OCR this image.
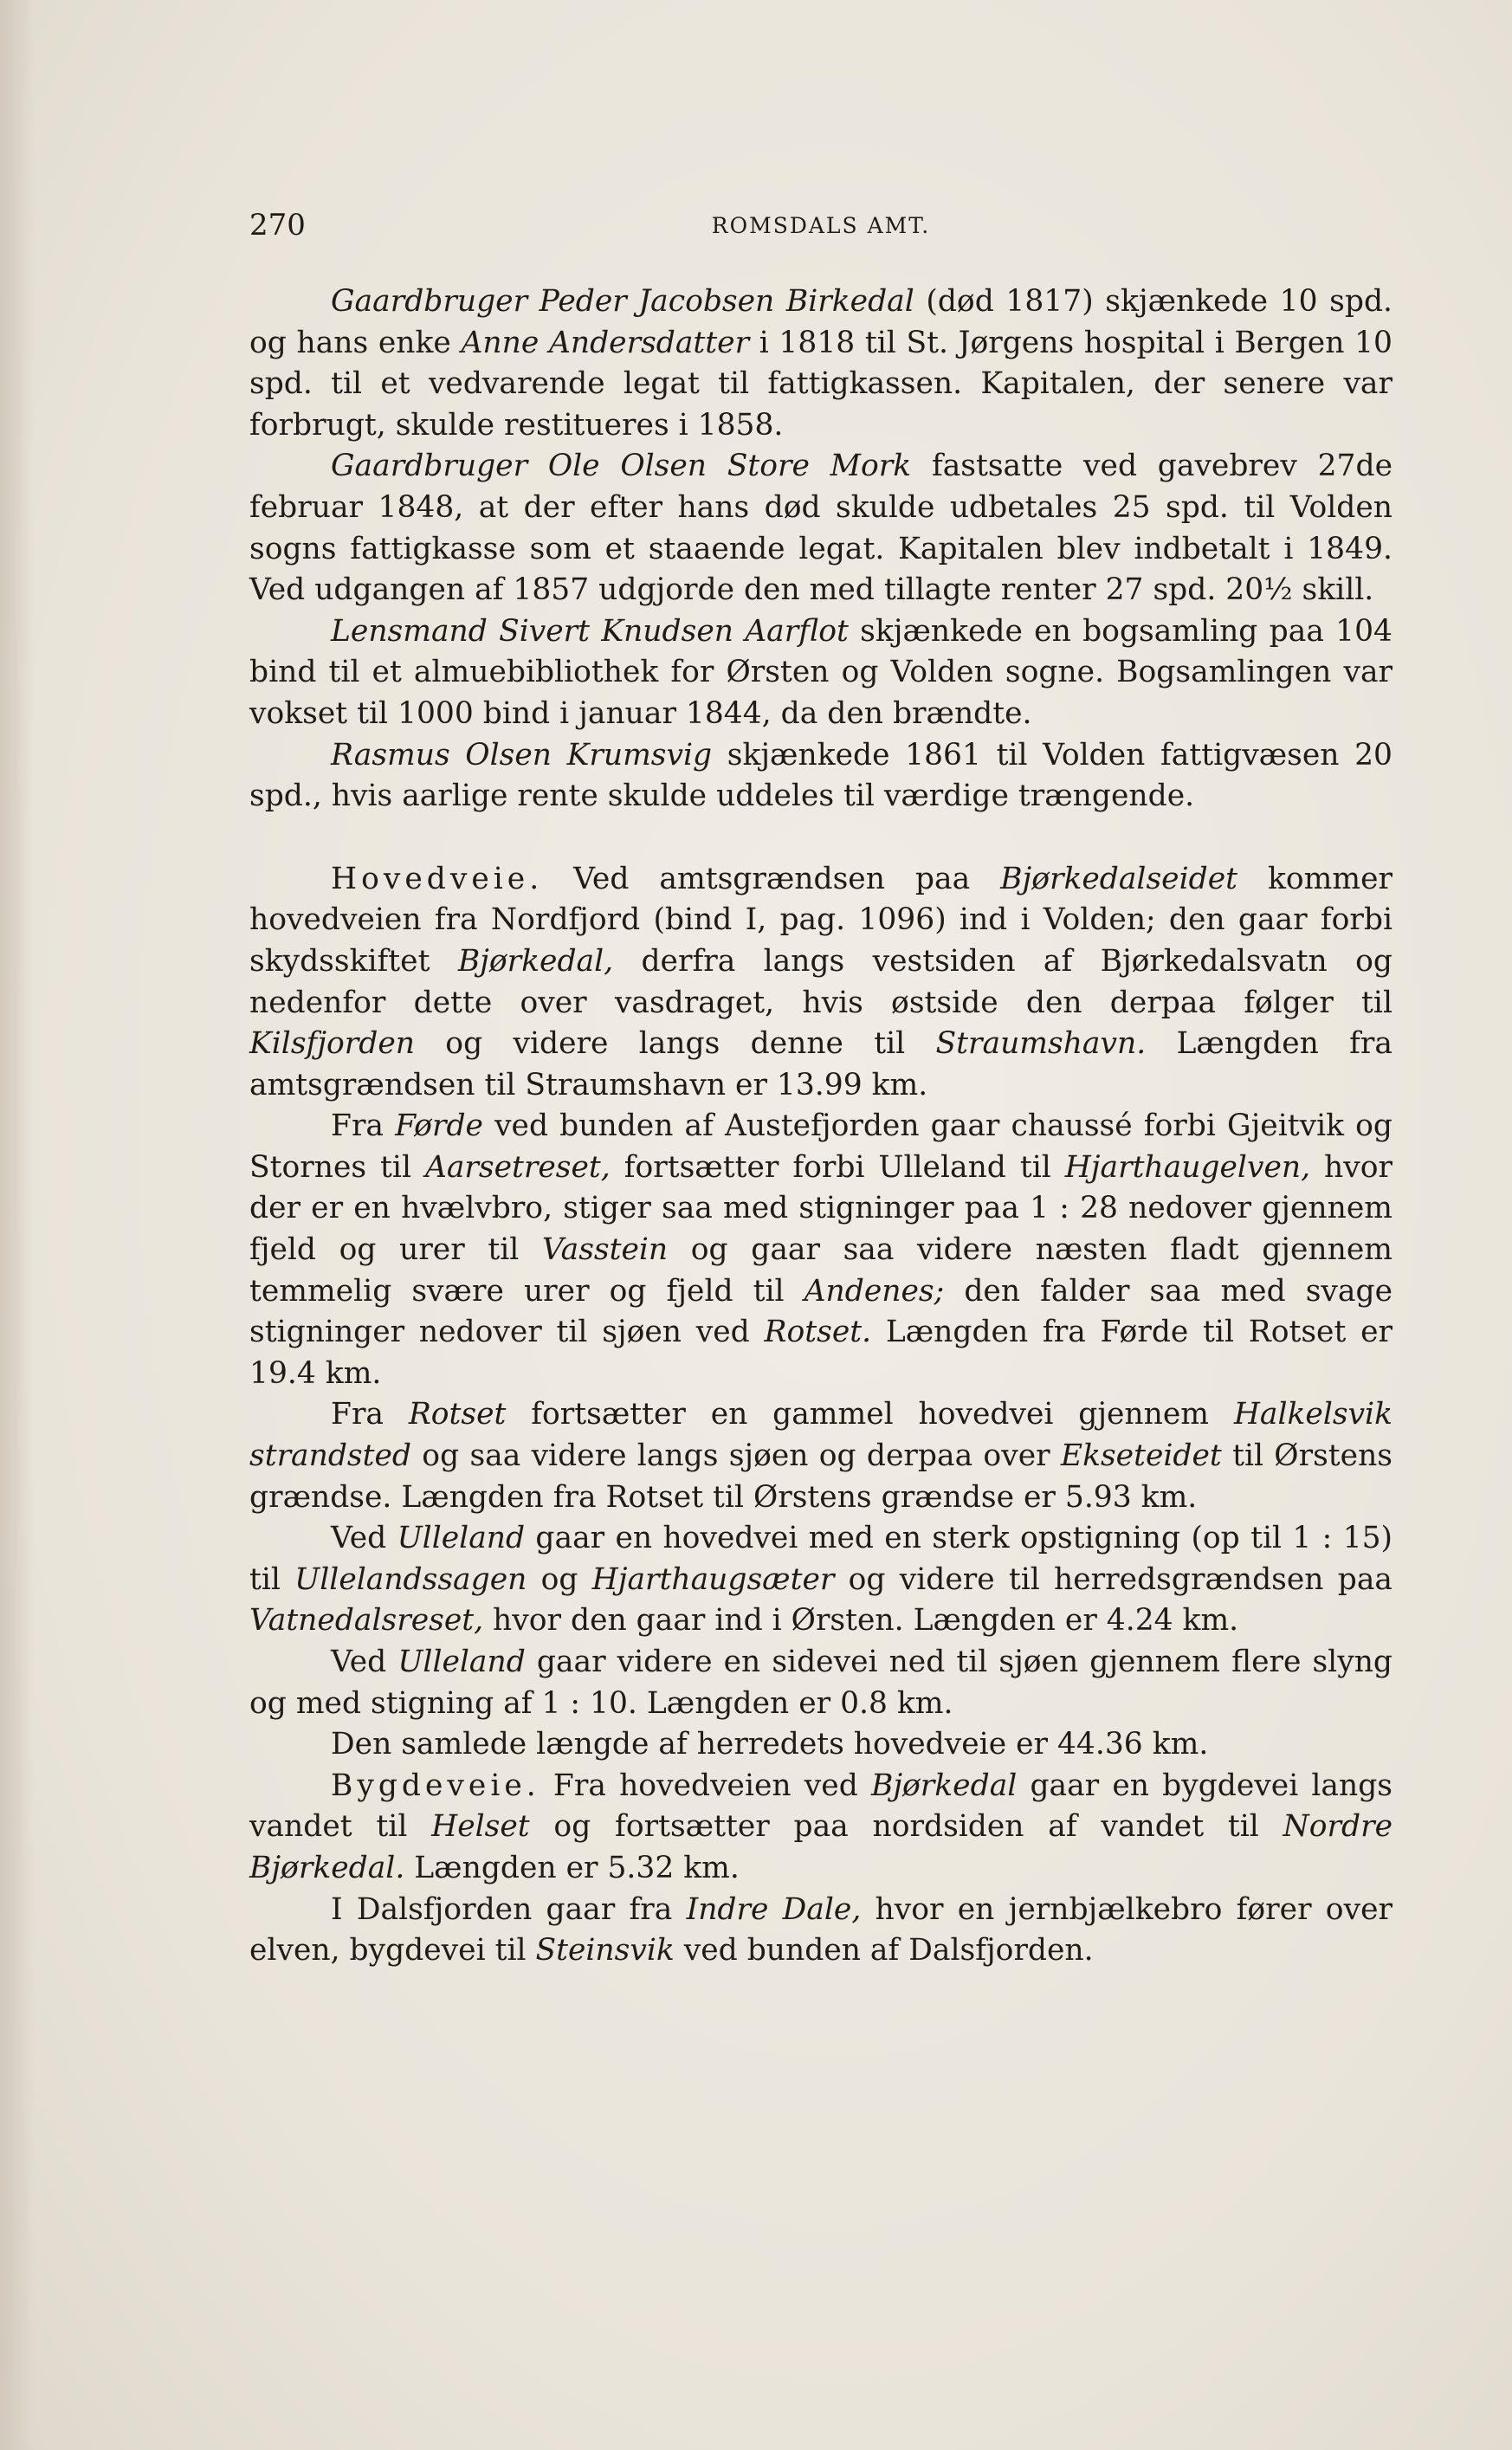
270	ROMSDALS AMT.

Gaardbruger Peder Jacobsen Birkedal (død 1817) skjænkede 10 spd. og hans enke Anne Andersdatter i 1818 til St. Jørgens hospital i Bergen 10 spd. til et vedvarende legat til fattigkassen. Kapitalen, der senere var forbrugt, skulde restitueres i 1858.

Gaardbruger Ole Olsen Store Mork fastsatte ved gavebrev 27de februar 1848, at der efter hans død skulde udbetales 25 spd. til Volden sogns fattigkasse som et staaende legat. Kapitalen blev indbetalt i 1849. Ved udgangen af 1857 udgjorde den med tillagte renter 27 spd. 20½ skill.

Lensmand Sivert Knudsen Aarflot skjænkede en bogsamling paa 104 bind til et almuebibliothek for Ørsten og Volden sogne. Bogsamlingen var vokset til 1000 bind i januar 1844, da den brændte.

Rasmus Olsen Krumsvig skjænkede 1861 til Volden fattigvæsen 20 spd., hvis aarlige rente skulde uddeles til værdige trængende.

Hovedveie. Ved amtsgrændsen paa Bjørkedalseidet kommer hovedveien fra Nordfjord (bind I, pag. 1096) ind i Volden; den gaar forbi skydsskiftet Bjørkedal, derfra langs vestsiden af Bjørkedalsvatn og nedenfor dette over vasdraget, hvis østside den derpaa følger til Kilsfjorden og videre langs denne til Straumshavn. Længden fra amtsgrændsen til Straumshavn er 13.99 km.

Fra Førde ved bunden af Austefjorden gaar chaussé forbi Gjeitvik og Stornes til Aarsetreset, fortsætter forbi Ulleland til Hjarthaugelven, hvor der er en hvælvbro, stiger saa med stigninger paa 1 : 28 nedover gjennem fjeld og urer til Vasstein og gaar saa videre næsten fladt gjennem temmelig svære urer og fjeld til Andenes; den falder saa med svage stigninger nedover til sjøen ved Rotset. Længden fra Førde til Rotset er 19.4 km.

Fra Rotset fortsætter en gammel hovedvei gjennem Halkelsvik strandsted og saa videre langs sjøen og derpaa over Ekseteidet til Ørstens grændse. Længden fra Rotset til Ørstens grændse er 5.93 km.

Ved Ulleland gaar en hovedvei med en sterk opstigning (op til 1 : 15) til Ullelandssagen og Hjarthaugsæter og videre til herredsgrændsen paa Vatnedalsreset, hvor den gaar ind i Ørsten. Længden er 4.24 km.

Ved Ulleland gaar videre en sidevei ned til sjøen gjennem flere slyng og med stigning af 1 : 10. Længden er 0.8 km.

Den samlede længde af herredets hovedveie er 44.36 km.

Bygdeveie. Fra hovedveien ved Bjørkedal gaar en bygdevei langs vandet til Helset og fortsætter paa nordsiden af vandet til Nordre Bjørkedal. Længden er 5.32 km.

I Dalsfjorden gaar fra Indre Dale, hvor en jernbjælkebro fører over elven, bygdevei til Steinsvik ved bunden af Dalsfjorden.
